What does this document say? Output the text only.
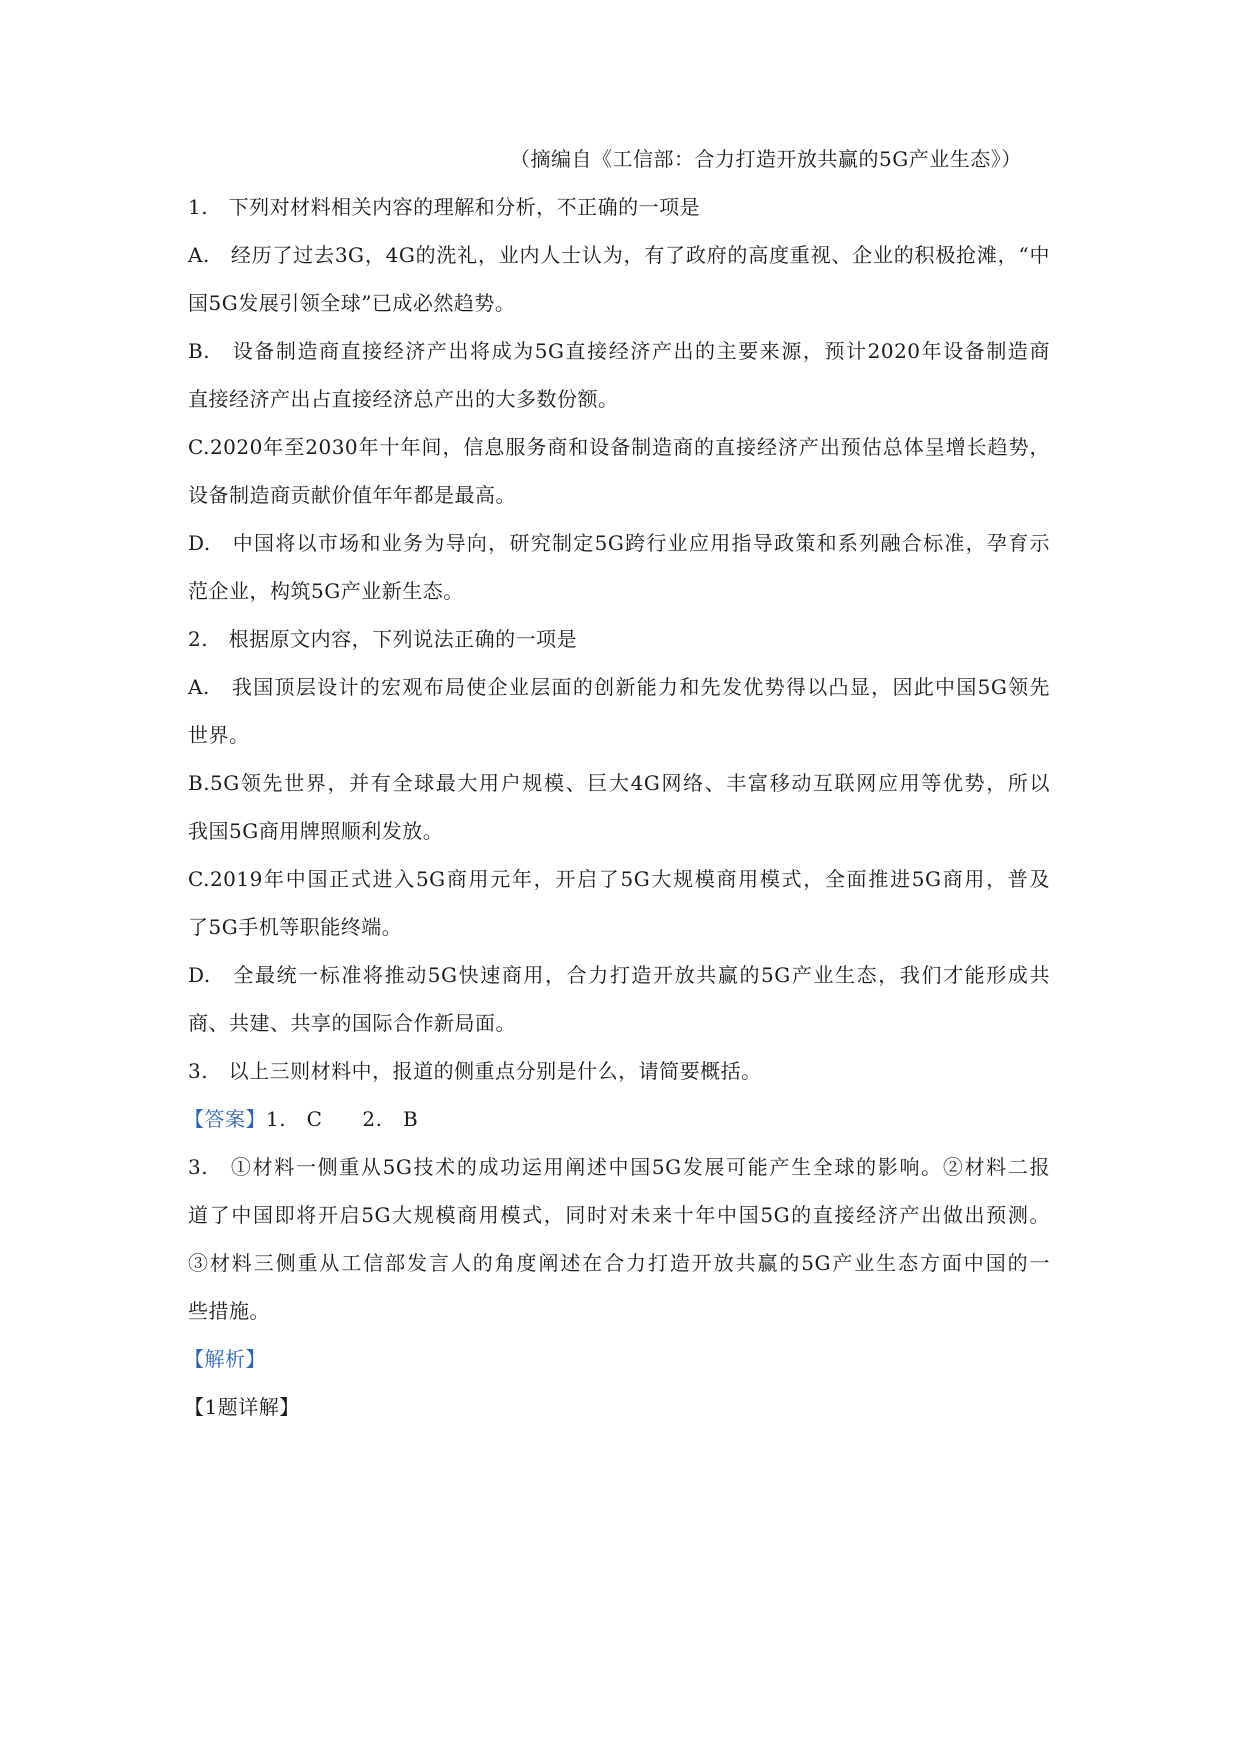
（摘编自《工信部：合力打造开放共赢的5G产业生态》）
1.　下列对材料相关内容的理解和分析，不正确的一项是
A.　经历了过去3G，4G的洗礼，业内人士认为，有了政府的高度重视、企业的积极抢滩，“中
国5G发展引领全球”已成必然趋势。
B.　设备制造商直接经济产出将成为5G直接经济产出的主要来源，预计2020年设备制造商
直接经济产出占直接经济总产出的大多数份额。
C.2020年至2030年十年间，信息服务商和设备制造商的直接经济产出预估总体呈增长趋势，
设备制造商贡献价值年年都是最高。
D.　中国将以市场和业务为导向，研究制定5G跨行业应用指导政策和系列融合标准，孕育示
范企业，构筑5G产业新生态。
2.　根据原文内容，下列说法正确的一项是
A.　我国顶层设计的宏观布局使企业层面的创新能力和先发优势得以凸显，因此中国5G领先
世界。
B.5G领先世界，并有全球最大用户规模、巨大4G网络、丰富移动互联网应用等优势，所以
我国5G商用牌照顺利发放。
C.2019年中国正式进入5G商用元年，开启了5G大规模商用模式，全面推进5G商用，普及
了5G手机等职能终端。
D.　全最统一标准将推动5G快速商用，合力打造开放共赢的5G产业生态，我们才能形成共
商、共建、共享的国际合作新局面。
3.　以上三则材料中，报道的侧重点分别是什么，请简要概括。
【答案】1.　C 2.　B
3.　①材料一侧重从5G技术的成功运用阐述中国5G发展可能产生全球的影响。②材料二报
道了中国即将开启5G大规模商用模式，同时对未来十年中国5G的直接经济产出做出预测。
③材料三侧重从工信部发言人的角度阐述在合力打造开放共赢的5G产业生态方面中国的一
些措施。
【解析】
【1题详解】
